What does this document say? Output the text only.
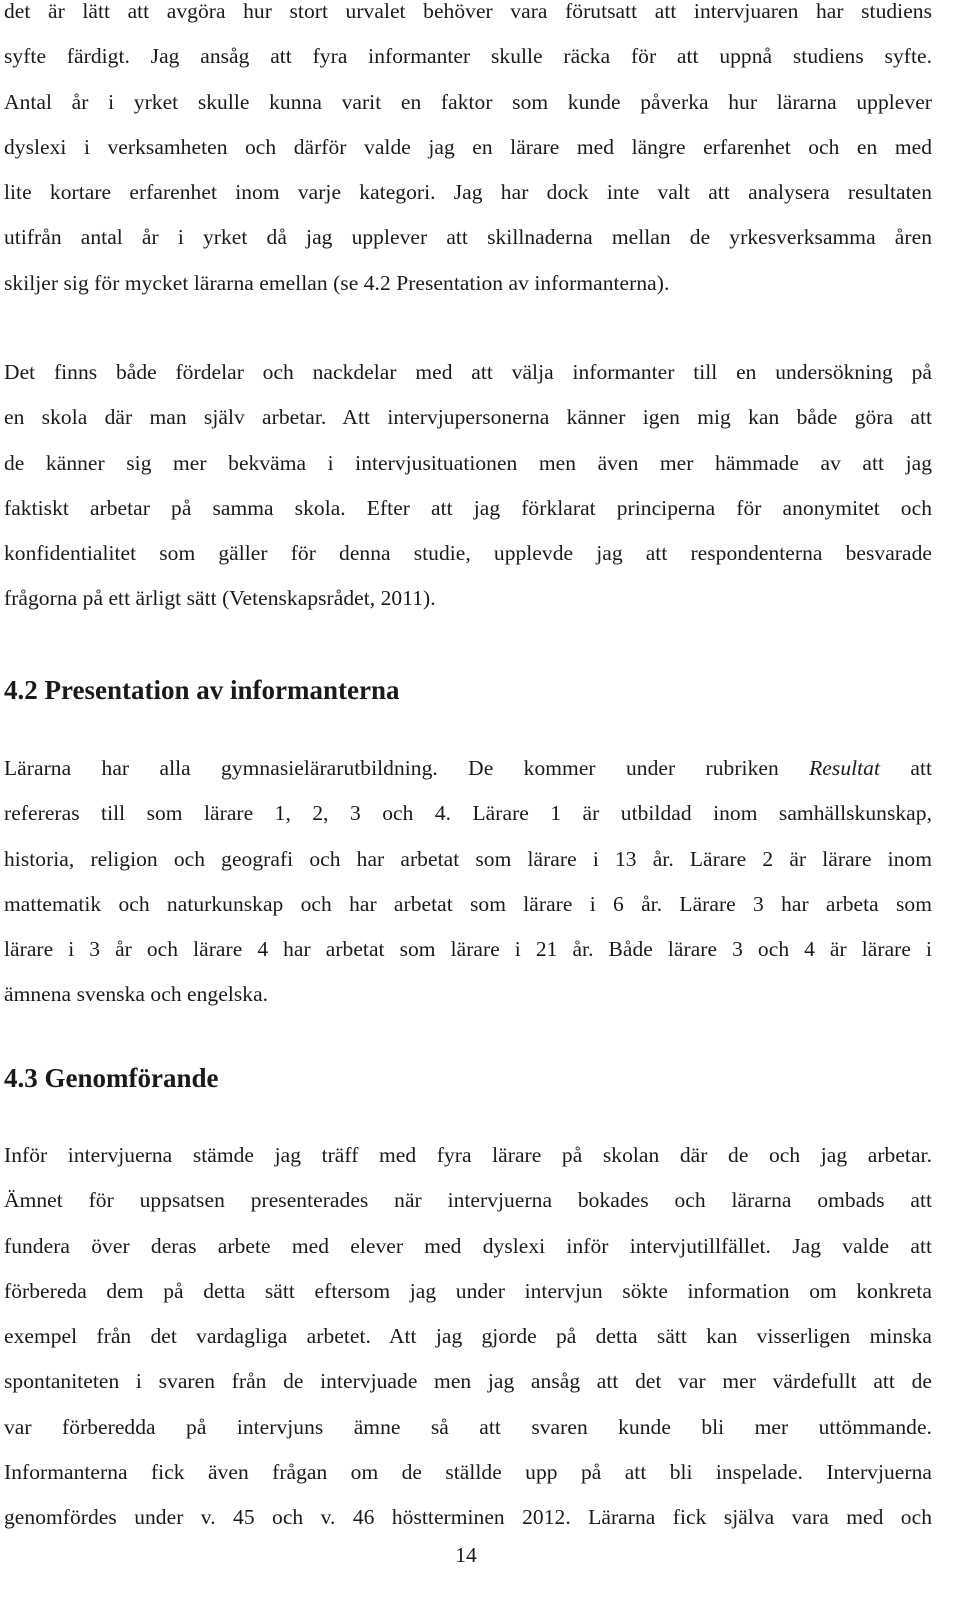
det är lätt att avgöra hur stort urvalet behöver vara förutsatt att intervjuaren har studiens
syfte färdigt. Jag ansåg att fyra informanter skulle räcka för att uppnå studiens syfte.
Antal år i yrket skulle kunna varit en faktor som kunde påverka hur lärarna upplever
dyslexi i verksamheten och därför valde jag en lärare med längre erfarenhet och en med
lite kortare erfarenhet inom varje kategori. Jag har dock inte valt att analysera resultaten
utifrån antal år i yrket då jag upplever att skillnaderna mellan de yrkesverksamma åren
skiljer sig för mycket lärarna emellan (se 4.2 Presentation av informanterna).
Det finns både fördelar och nackdelar med att välja informanter till en undersökning på
en skola där man själv arbetar. Att intervjupersonerna känner igen mig kan både göra att
de känner sig mer bekväma i intervjusituationen men även mer hämmade av att jag
faktiskt arbetar på samma skola. Efter att jag förklarat principerna för anonymitet och
konfidentialitet som gäller för denna studie, upplevde jag att respondenterna besvarade
frågorna på ett ärligt sätt (Vetenskapsrådet, 2011).
4.2 Presentation av informanterna
Lärarna har alla gymnasielärarutbildning. De kommer under rubriken Resultat att
refereras till som lärare 1, 2, 3 och 4. Lärare 1 är utbildad inom samhällskunskap,
historia, religion och geografi och har arbetat som lärare i 13 år. Lärare 2 är lärare inom
mattematik och naturkunskap och har arbetat som lärare i 6 år. Lärare 3 har arbeta som
lärare i 3 år och lärare 4 har arbetat som lärare i 21 år. Både lärare 3 och 4 är lärare i
ämnena svenska och engelska.
4.3 Genomförande
Inför intervjuerna stämde jag träff med fyra lärare på skolan där de och jag arbetar.
Ämnet för uppsatsen presenterades när intervjuerna bokades och lärarna ombads att
fundera över deras arbete med elever med dyslexi inför intervjutillfället. Jag valde att
förbereda dem på detta sätt eftersom jag under intervjun sökte information om konkreta
exempel från det vardagliga arbetet. Att jag gjorde på detta sätt kan visserligen minska
spontaniteten i svaren från de intervjuade men jag ansåg att det var mer värdefullt att de
var förberedda på intervjuns ämne så att svaren kunde bli mer uttömmande.
Informanterna fick även frågan om de ställde upp på att bli inspelade. Intervjuerna
genomfördes under v. 45 och v. 46 höstterminen 2012. Lärarna fick själva vara med och
14
